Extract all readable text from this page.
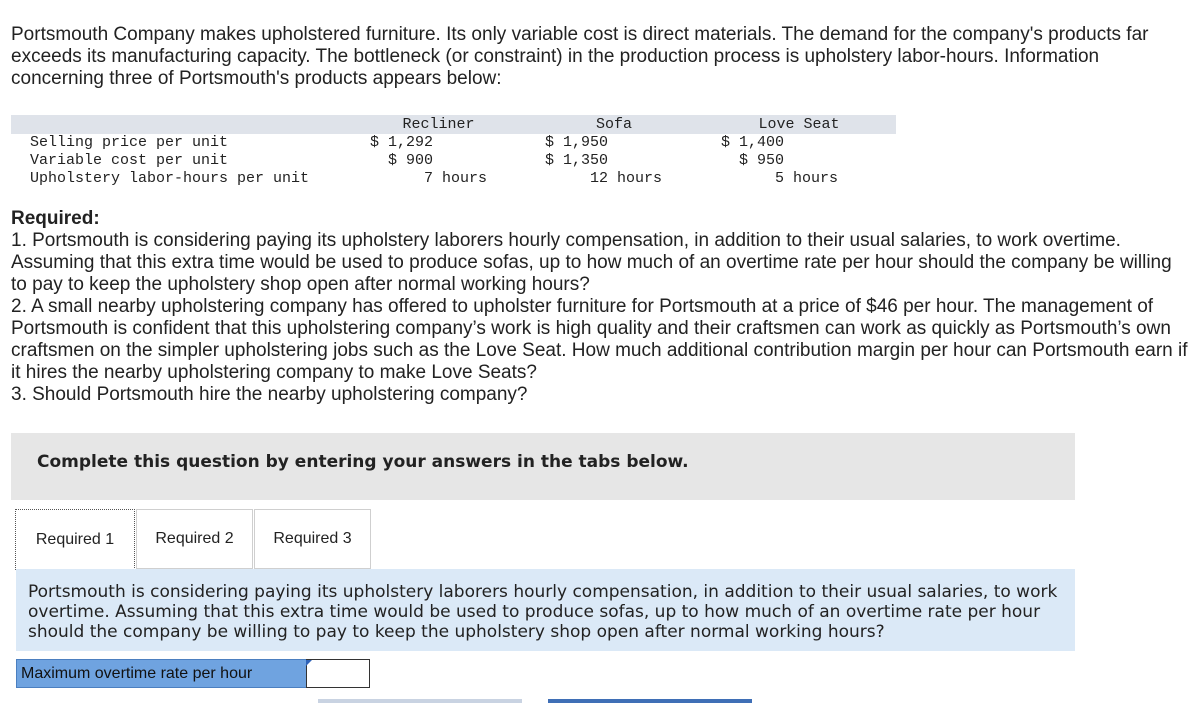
Portsmouth Company makes upholstered furniture. Its only variable cost is direct materials. The demand for the company's products far exceeds its manufacturing capacity. The bottleneck (or constraint) in the production process is upholstery labor-hours. Information concerning three of Portsmouth's products appears below:

	Recliner	Sofa	Love Seat
Selling price per unit	$ 1,292	$ 1,950	$ 1,400
Variable cost per unit	$ 900	$ 1,350	$ 950
Upholstery labor-hours per unit	7 hours	12 hours	5 hours
Required:
1. Portsmouth is considering paying its upholstery laborers hourly compensation, in addition to their usual salaries, to work overtime. Assuming that this extra time would be used to produce sofas, up to how much of an overtime rate per hour should the company be willing to pay to keep the upholstery shop open after normal working hours?
2. A small nearby upholstering company has offered to upholster furniture for Portsmouth at a price of $46 per hour. The management of Portsmouth is confident that this upholstering company’s work is high quality and their craftsmen can work as quickly as Portsmouth’s own craftsmen on the simpler upholstering jobs such as the Love Seat. How much additional contribution margin per hour can Portsmouth earn if it hires the nearby upholstering company to make Love Seats?
3. Should Portsmouth hire the nearby upholstering company?
Complete this question by entering your answers in the tabs below.
Required 1	Required 2	Required 3

Portsmouth is considering paying its upholstery laborers hourly compensation, in addition to their usual salaries, to work overtime. Assuming that this extra time would be used to produce sofas, up to how much of an overtime rate per hour should the company be willing to pay to keep the upholstery shop open after normal working hours?

Maximum overtime rate per hour
